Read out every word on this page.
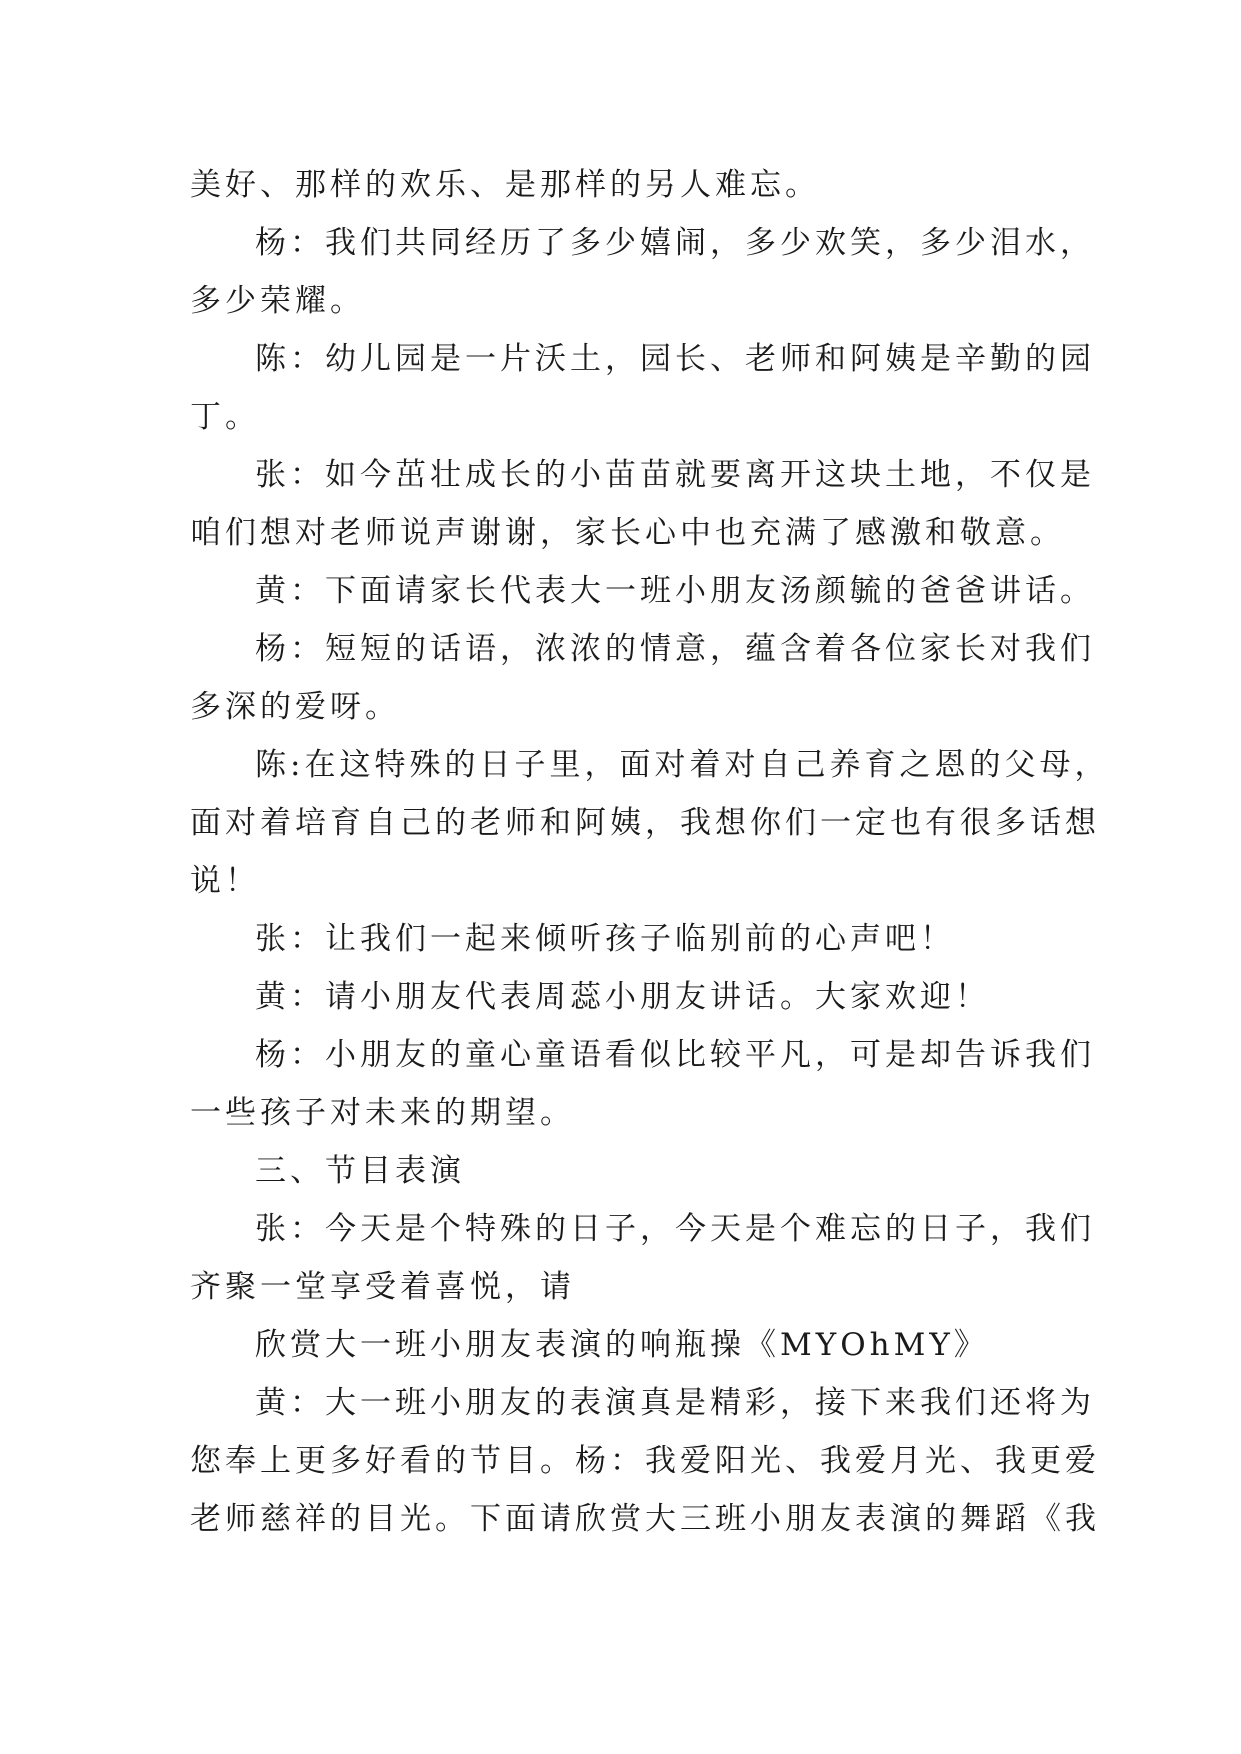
美好、那样的欢乐、是那样的另人难忘。
杨：我们共同经历了多少嬉闹，多少欢笑，多少泪水，
多少荣耀。
陈：幼儿园是一片沃土，园长、老师和阿姨是辛勤的园
丁。
张：如今茁壮成长的小苗苗就要离开这块土地，不仅是
咱们想对老师说声谢谢，家长心中也充满了感激和敬意。
黄：下面请家长代表大一班小朋友汤颜毓的爸爸讲话。
杨：短短的话语，浓浓的情意，蕴含着各位家长对我们
多深的爱呀。
陈:在这特殊的日子里，面对着对自己养育之恩的父母，
面对着培育自己的老师和阿姨，我想你们一定也有很多话想
说！
张：让我们一起来倾听孩子临别前的心声吧！
黄：请小朋友代表周蕊小朋友讲话。大家欢迎！
杨：小朋友的童心童语看似比较平凡，可是却告诉我们
一些孩子对未来的期望。
三、节目表演
张：今天是个特殊的日子，今天是个难忘的日子，我们
齐聚一堂享受着喜悦，请
欣赏大一班小朋友表演的响瓶操《MYOhMY》
黄：大一班小朋友的表演真是精彩，接下来我们还将为
您奉上更多好看的节目。杨：我爱阳光、我爱月光、我更爱
老师慈祥的目光。下面请欣赏大三班小朋友表演的舞蹈《我
